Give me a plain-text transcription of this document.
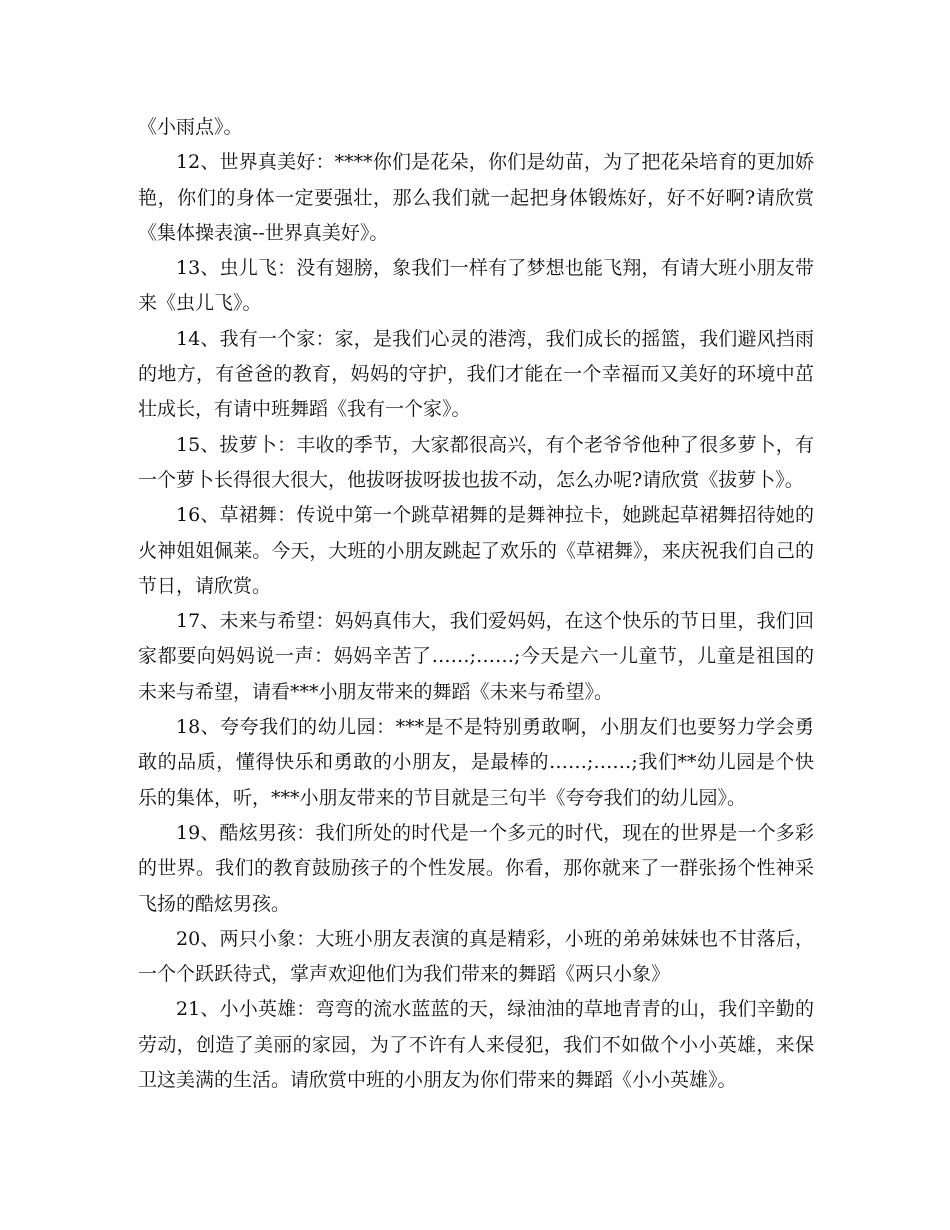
《小雨点》。

12、世界真美好：****你们是花朵，你们是幼苗，为了把花朵培育的更加娇艳，你们的身体一定要强壮，那么我们就一起把身体锻炼好，好不好啊?请欣赏《集体操表演--世界真美好》。

13、虫儿飞：没有翅膀，象我们一样有了梦想也能飞翔，有请大班小朋友带来《虫儿飞》。

14、我有一个家：家，是我们心灵的港湾，我们成长的摇篮，我们避风挡雨的地方，有爸爸的教育，妈妈的守护，我们才能在一个幸福而又美好的环境中茁壮成长，有请中班舞蹈《我有一个家》。

15、拔萝卜：丰收的季节，大家都很高兴，有个老爷爷他种了很多萝卜，有一个萝卜长得很大很大，他拔呀拔呀拔也拔不动，怎么办呢?请欣赏《拔萝卜》。

16、草裙舞：传说中第一个跳草裙舞的是舞神拉卡，她跳起草裙舞招待她的火神姐姐佩莱。今天，大班的小朋友跳起了欢乐的《草裙舞》，来庆祝我们自己的节日，请欣赏。

17、未来与希望：妈妈真伟大，我们爱妈妈，在这个快乐的节日里，我们回家都要向妈妈说一声：妈妈辛苦了……;……;今天是六一儿童节，儿童是祖国的未来与希望，请看***小朋友带来的舞蹈《未来与希望》。

18、夸夸我们的幼儿园：***是不是特别勇敢啊，小朋友们也要努力学会勇敢的品质，懂得快乐和勇敢的小朋友，是最棒的……;……;我们**幼儿园是个快乐的集体，听，***小朋友带来的节目就是三句半《夸夸我们的幼儿园》。

19、酷炫男孩：我们所处的时代是一个多元的时代，现在的世界是一个多彩的世界。我们的教育鼓励孩子的个性发展。你看，那你就来了一群张扬个性神采飞扬的酷炫男孩。

20、两只小象：大班小朋友表演的真是精彩，小班的弟弟妹妹也不甘落后，一个个跃跃待式，掌声欢迎他们为我们带来的舞蹈《两只小象》

21、小小英雄：弯弯的流水蓝蓝的天，绿油油的草地青青的山，我们辛勤的劳动，创造了美丽的家园，为了不许有人来侵犯，我们不如做个小小英雄，来保卫这美满的生活。请欣赏中班的小朋友为你们带来的舞蹈《小小英雄》。
